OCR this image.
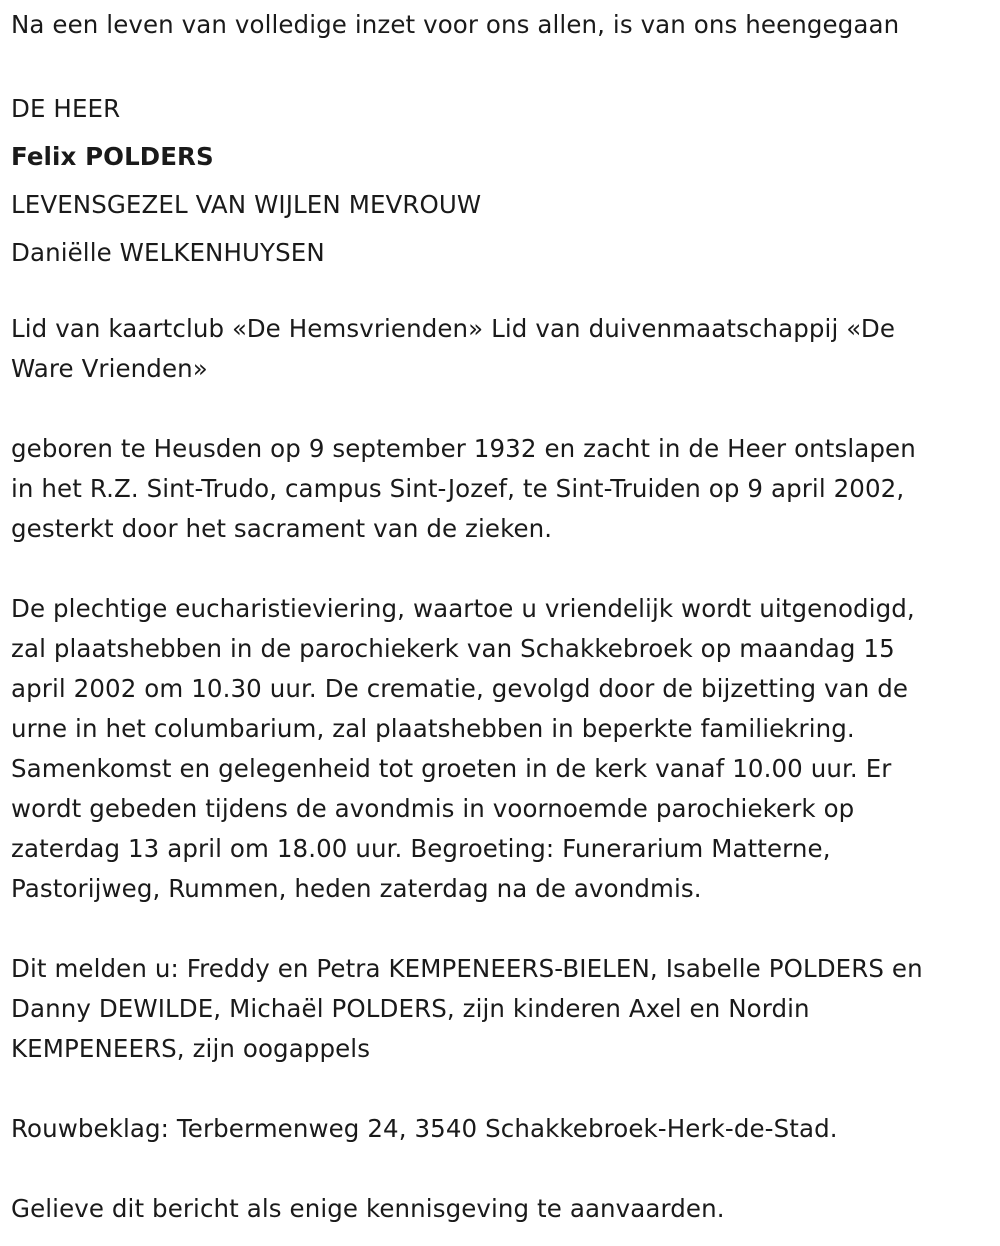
Na een leven van volledige inzet voor ons allen, is van ons heengegaan
DE HEER
Felix POLDERS
LEVENSGEZEL VAN WIJLEN MEVROUW
Daniëlle WELKENHUYSEN
Lid van kaartclub «De Hemsvrienden» Lid van duivenmaatschappij «De
Ware Vrienden»
geboren te Heusden op 9 september 1932 en zacht in de Heer ontslapen
in het R.Z. Sint-Trudo, campus Sint-Jozef, te Sint-Truiden op 9 april 2002,
gesterkt door het sacrament van de zieken.
De plechtige eucharistieviering, waartoe u vriendelijk wordt uitgenodigd,
zal plaatshebben in de parochiekerk van Schakkebroek op maandag 15
april 2002 om 10.30 uur. De crematie, gevolgd door de bijzetting van de
urne in het columbarium, zal plaatshebben in beperkte familiekring.
Samenkomst en gelegenheid tot groeten in de kerk vanaf 10.00 uur. Er
wordt gebeden tijdens de avondmis in voornoemde parochiekerk op
zaterdag 13 april om 18.00 uur. Begroeting: Funerarium Matterne,
Pastorijweg, Rummen, heden zaterdag na de avondmis.
Dit melden u: Freddy en Petra KEMPENEERS-BIELEN, Isabelle POLDERS en
Danny DEWILDE, Michaël POLDERS, zijn kinderen Axel en Nordin
KEMPENEERS, zijn oogappels
Rouwbeklag: Terbermenweg 24, 3540 Schakkebroek-Herk-de-Stad.
Gelieve dit bericht als enige kennisgeving te aanvaarden.
